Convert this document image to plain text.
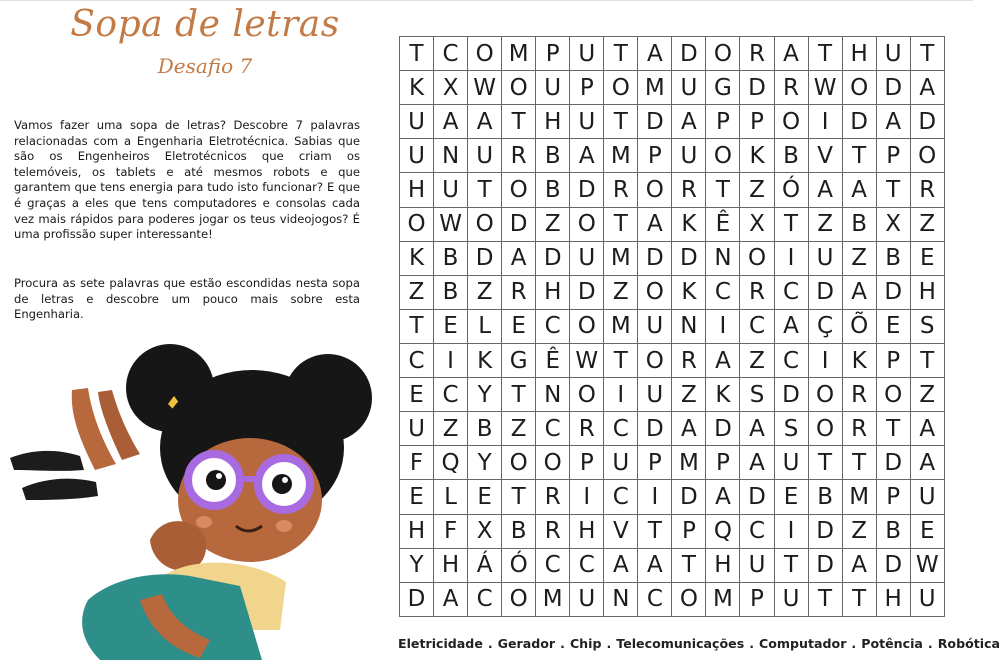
Sopa de letras
Desafio 7

Vamos fazer uma sopa de letras? Descobre 7 palavras relacionadas com a Engenharia Eletrotécnica. Sabias que são os Engenheiros Eletrotécnicos que criam os telemóveis, os tablets e até mesmos robots e que garantem que tens energia para tudo isto funcionar? E que é graças a eles que tens computadores e consolas cada vez mais rápidos para poderes jogar os teus videojogos? É uma profissão super interessante!

Procura as sete palavras que estão escondidas nesta sopa de letras e descobre um pouco mais sobre esta Engenharia.

T C O M P U T A D O R A T H U T
K X W O U P O M U G D R W O D A
U A A T H U T D A P P O I D A D
U N U R B A M P U O K B V T P O
H U T O B D R O R T Z Ó A A T R
O W O D Z O T A K Ê X T Z B X Z
K B D A D U M D D N O I U Z B E
Z B Z R H D Z O K C R C D A D H
T E L E C O M U N I C A Ç Õ E S
C I	K G Ê W T O R A Z C I	K P T
E C Y T N O I U Z K S D O R O Z
U Z B Z C R C D A D A S O R T A
F Q Y O O P U P M P A U T T D A
E L E T R I C I D A D E B M P U
H F X B R H V T P Q C I D Z B E
Y H Á Ó C C A A T H U T D A D W
D A C O M U N C O M P U T T H U
Eletricidade . Gerador . Chip . Telecomunicações . Computador . Potência . Robótica
